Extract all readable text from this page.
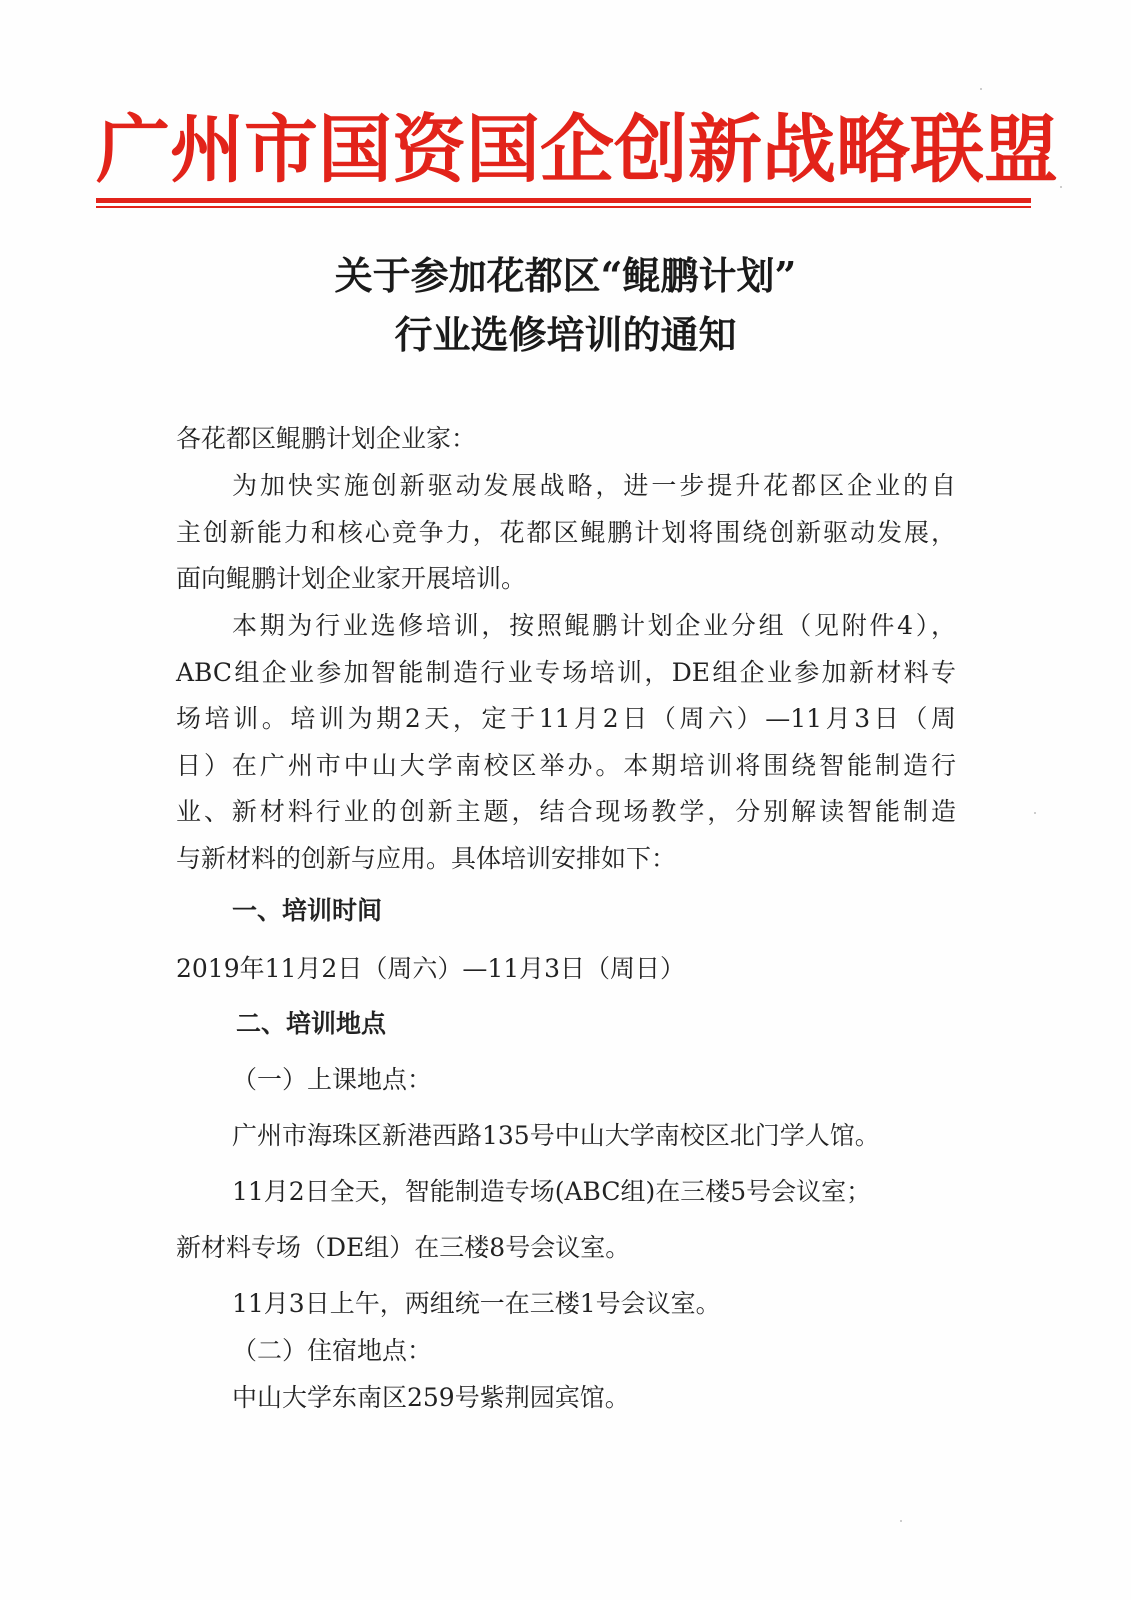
广州市国资国企创新战略联盟
关于参加花都区“鲲鹏计划”
行业选修培训的通知
各花都区鲲鹏计划企业家：
为加快实施创新驱动发展战略，进一步提升花都区企业的自
主创新能力和核心竞争力，花都区鲲鹏计划将围绕创新驱动发展，
面向鲲鹏计划企业家开展培训。
本期为行业选修培训，按照鲲鹏计划企业分组（见附件4），
ABC组企业参加智能制造行业专场培训，DE组企业参加新材料专
场培训。培训为期2天，定于11月2日（周六）—11月3日（周
日）在广州市中山大学南校区举办。本期培训将围绕智能制造行
业、新材料行业的创新主题，结合现场教学，分别解读智能制造
与新材料的创新与应用。具体培训安排如下：
一、培训时间
2019年11月2日（周六）—11月3日（周日）
二、培训地点
（一）上课地点：
广州市海珠区新港西路135号中山大学南校区北门学人馆。
11月2日全天，智能制造专场(ABC组)在三楼5号会议室；
新材料专场（DE组）在三楼8号会议室。
11月3日上午，两组统一在三楼1号会议室。
（二）住宿地点：
中山大学东南区259号紫荆园宾馆。
